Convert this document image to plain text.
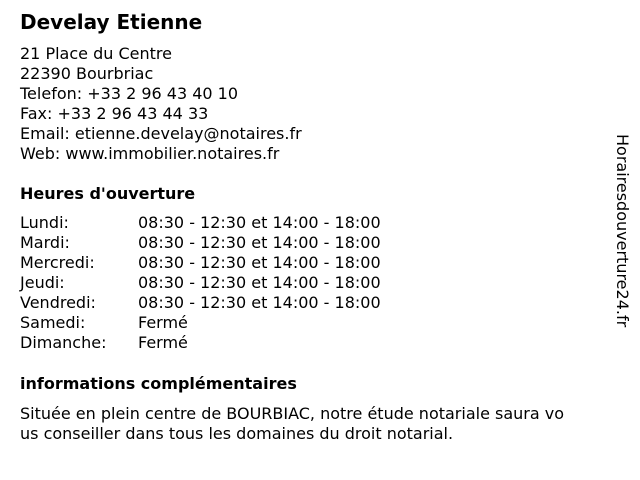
Develay Etienne
21 Place du Centre
22390 Bourbriac
Telefon: +33 2 96 43 40 10
Fax: +33 2 96 43 44 33
Email: etienne.develay@notaires.fr
Web: www.immobilier.notaires.fr
Heures d'ouverture
Lundi:	08:30 - 12:30 et 14:00 - 18:00
Mardi:	08:30 - 12:30 et 14:00 - 18:00
Mercredi:	08:30 - 12:30 et 14:00 - 18:00
Jeudi:	08:30 - 12:30 et 14:00 - 18:00
Vendredi:	08:30 - 12:30 et 14:00 - 18:00
Samedi:	Fermé
Dimanche: Fermé
informations complémentaires
Située en plein centre de BOURBIAC, notre étude notariale saura vo
us conseiller dans tous les domaines du droit notarial.
Horairesdouverture24.fr
